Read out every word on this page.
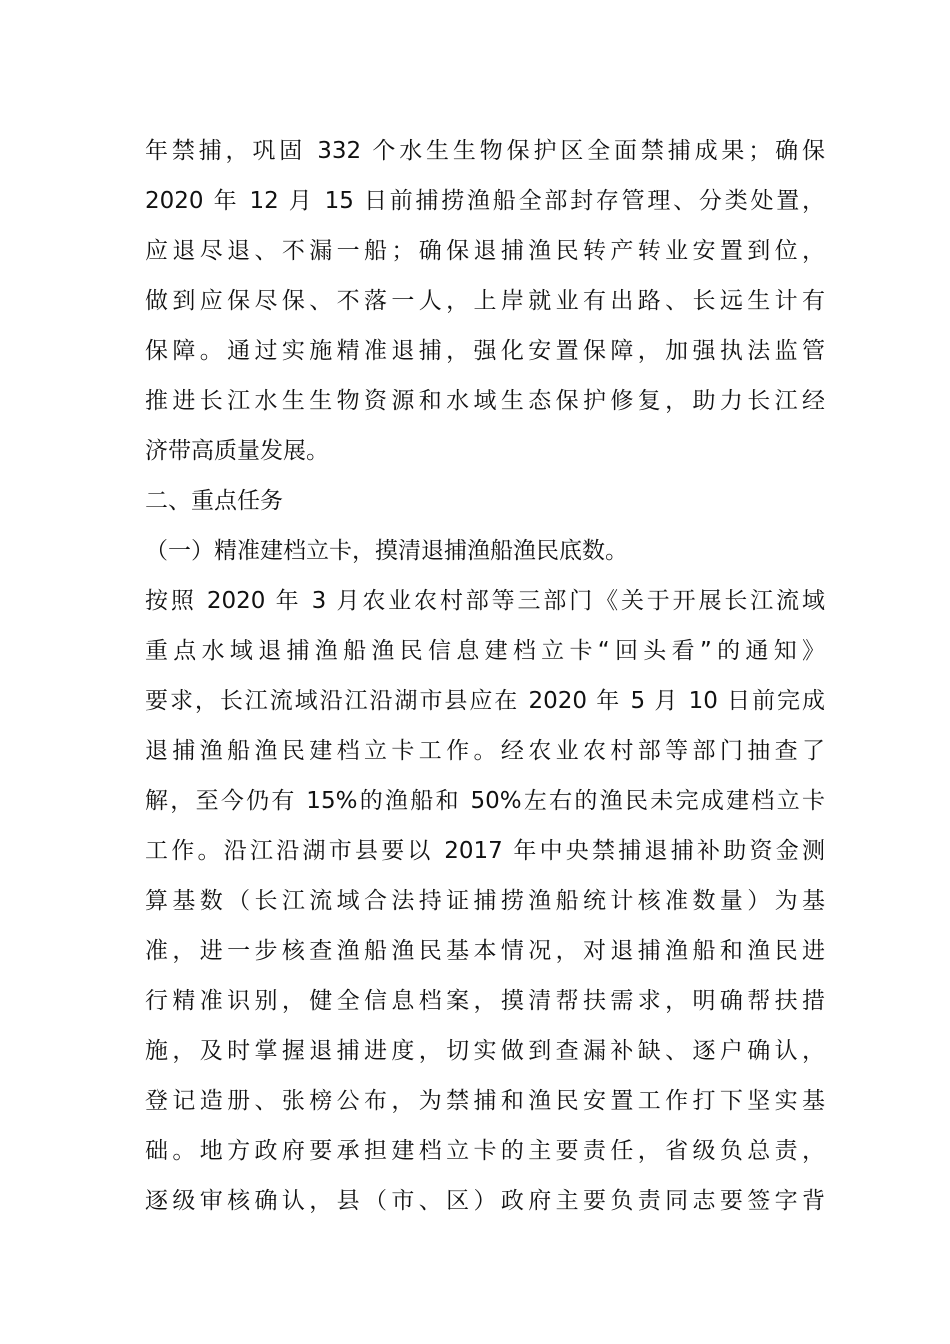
年禁捕，巩固 332 个水生生物保护区全面禁捕成果；确保
2020 年 12 月 15 日前捕捞渔船全部封存管理、分类处置，
应退尽退、不漏一船；确保退捕渔民转产转业安置到位，
做到应保尽保、不落一人，上岸就业有出路、长远生计有
保障。通过实施精准退捕，强化安置保障，加强执法监管
推进长江水生生物资源和水域生态保护修复，助力长江经
济带高质量发展。
二、重点任务
（一）精准建档立卡，摸清退捕渔船渔民底数。
按照 2020 年 3 月农业农村部等三部门《关于开展长江流域
重点水域退捕渔船渔民信息建档立卡“回头看”的通知》
要求，长江流域沿江沿湖市县应在 2020 年 5 月 10 日前完成
退捕渔船渔民建档立卡工作。经农业农村部等部门抽查了
解，至今仍有 15%的渔船和 50%左右的渔民未完成建档立卡
工作。沿江沿湖市县要以 2017 年中央禁捕退捕补助资金测
算基数（长江流域合法持证捕捞渔船统计核准数量）为基
准，进一步核查渔船渔民基本情况，对退捕渔船和渔民进
行精准识别，健全信息档案，摸清帮扶需求，明确帮扶措
施，及时掌握退捕进度，切实做到查漏补缺、逐户确认，
登记造册、张榜公布，为禁捕和渔民安置工作打下坚实基
础。地方政府要承担建档立卡的主要责任，省级负总责，
逐级审核确认，县（市、区）政府主要负责同志要签字背
